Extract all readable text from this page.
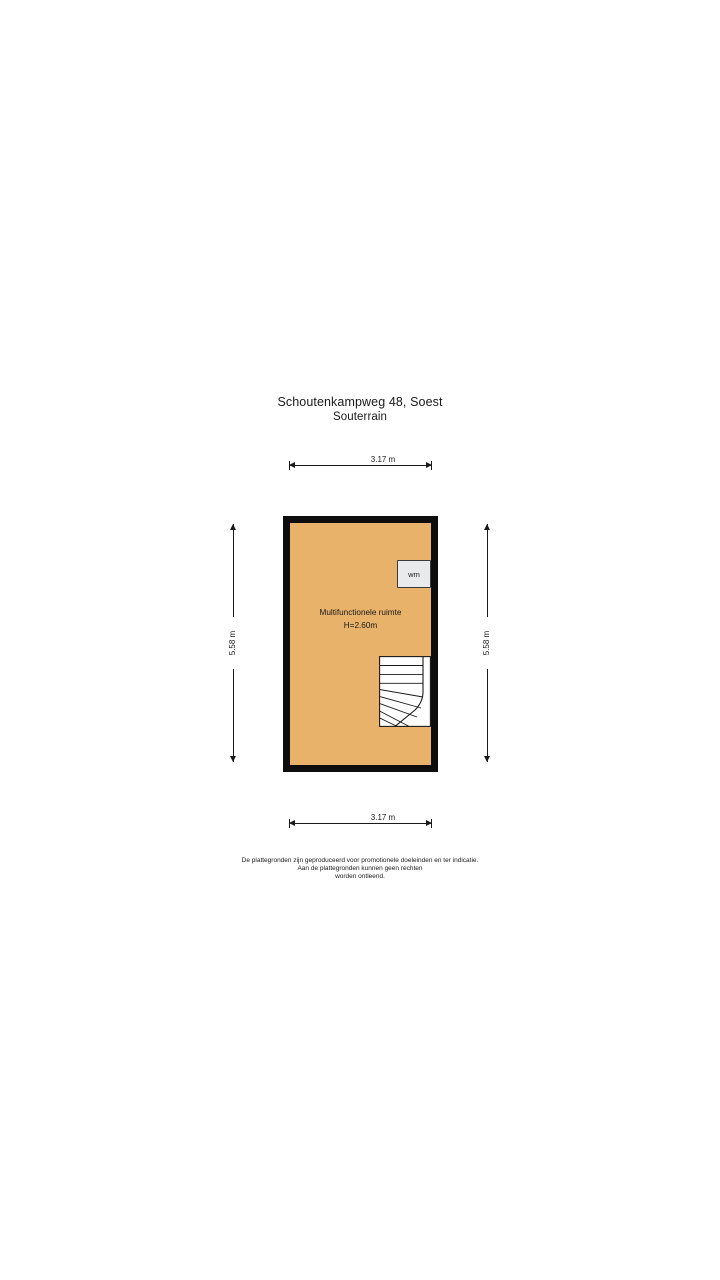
Schoutenkampweg 48, Soest
Souterrain
3.17 m
5.58 m	5.58 m
wm
Multifunctionele ruimte
H=2.60m
3.17 m
De plattegronden zijn geproduceerd voor promotionele doeleinden en ter indicatie.
Aan de plattegronden kunnen geen rechten
worden ontleend.
